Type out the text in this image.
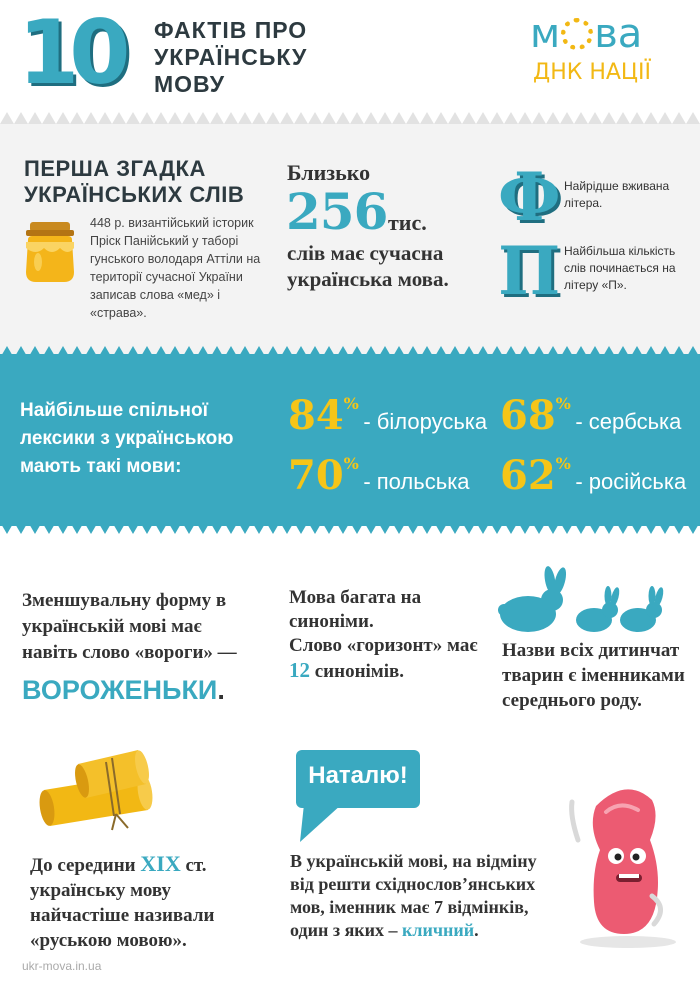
10 ФАКТІВ ПРО УКРАЇНСЬКУ МОВУ
м ва
ДНК НАЦІЇ
ПЕРША ЗГАДКА УКРАЇНСЬКИХ СЛІВ
448 р. византійський історик Пріск Панійський у таборі гунського володаря Аттіли на території сучасної України записав слова «мед» і «страва».
Близько
256 тис.
слів має сучасна українська мова.
Ф Найрідше вживана літера.
П Найбільша кількість слів починається на літеру «П».
Найбільше спільної лексики з українською мають такі мови:
84% - білоруська 68% - сербська
70% - польська 62% - російська
Зменшувальну форму в українській мові має навіть слово «вороги» —
ВОРОЖЕНЬКИ.
Мова багата на синоніми.
Слово «горизонт» має 12 синонімів.
Назви всіх дитинчат тварин є іменниками середнього роду.
До середини XIX ст. українську мову найчастіше називали «руською мовою».
Наталю!
В українській мові, на відміну від решти східнослов’янських мов, іменник має 7 відмінків, один з яких – кличний.
ukr-mova.in.ua
